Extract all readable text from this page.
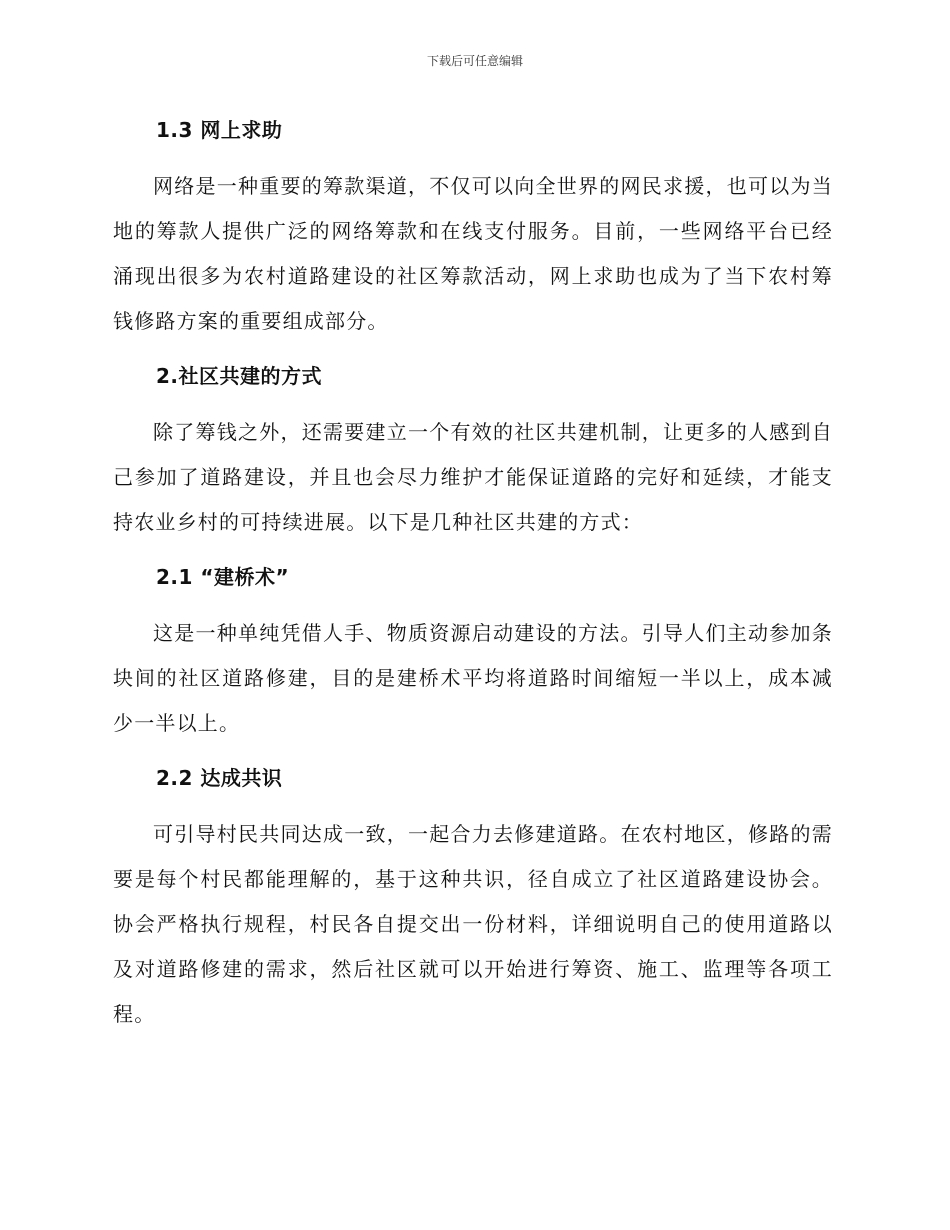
下载后可任意编辑
1.3 网上求助

网络是一种重要的筹款渠道，不仅可以向全世界的网民求援，也可以为当地的筹款人提供广泛的网络筹款和在线支付服务。目前，一些网络平台已经涌现出很多为农村道路建设的社区筹款活动，网上求助也成为了当下农村筹钱修路方案的重要组成部分。

2.社区共建的方式

除了筹钱之外，还需要建立一个有效的社区共建机制，让更多的人感到自己参加了道路建设，并且也会尽力维护才能保证道路的完好和延续，才能支持农业乡村的可持续进展。以下是几种社区共建的方式：

2.1 “建桥术”

这是一种单纯凭借人手、物质资源启动建设的方法。引导人们主动参加条块间的社区道路修建，目的是建桥术平均将道路时间缩短一半以上，成本减少一半以上。

2.2 达成共识

可引导村民共同达成一致，一起合力去修建道路。在农村地区，修路的需要是每个村民都能理解的，基于这种共识，径自成立了社区道路建设协会。协会严格执行规程，村民各自提交出一份材料，详细说明自己的使用道路以及对道路修建的需求，然后社区就可以开始进行筹资、施工、监理等各项工程。
